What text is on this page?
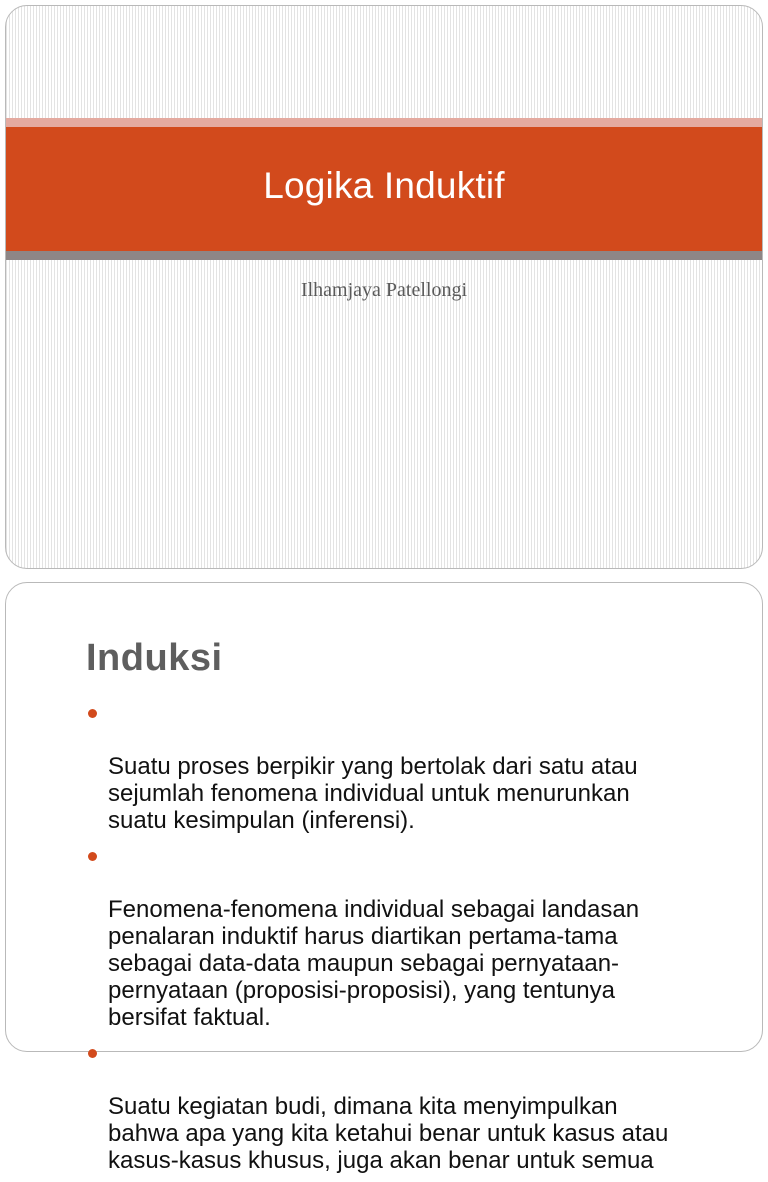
Logika Induktif
Ilhamjaya Patellongi
Induksi

Suatu proses berpikir yang bertolak dari satu atau
sejumlah fenomena individual untuk menurunkan
suatu kesimpulan (inferensi).

Fenomena-fenomena individual sebagai landasan
penalaran induktif harus diartikan pertama-tama
sebagai data-data maupun sebagai pernyataan-
pernyataan (proposisi-proposisi), yang tentunya
bersifat faktual.

Suatu kegiatan budi, dimana kita menyimpulkan
bahwa apa yang kita ketahui benar untuk kasus atau
kasus-kasus khusus, juga akan benar untuk semua
